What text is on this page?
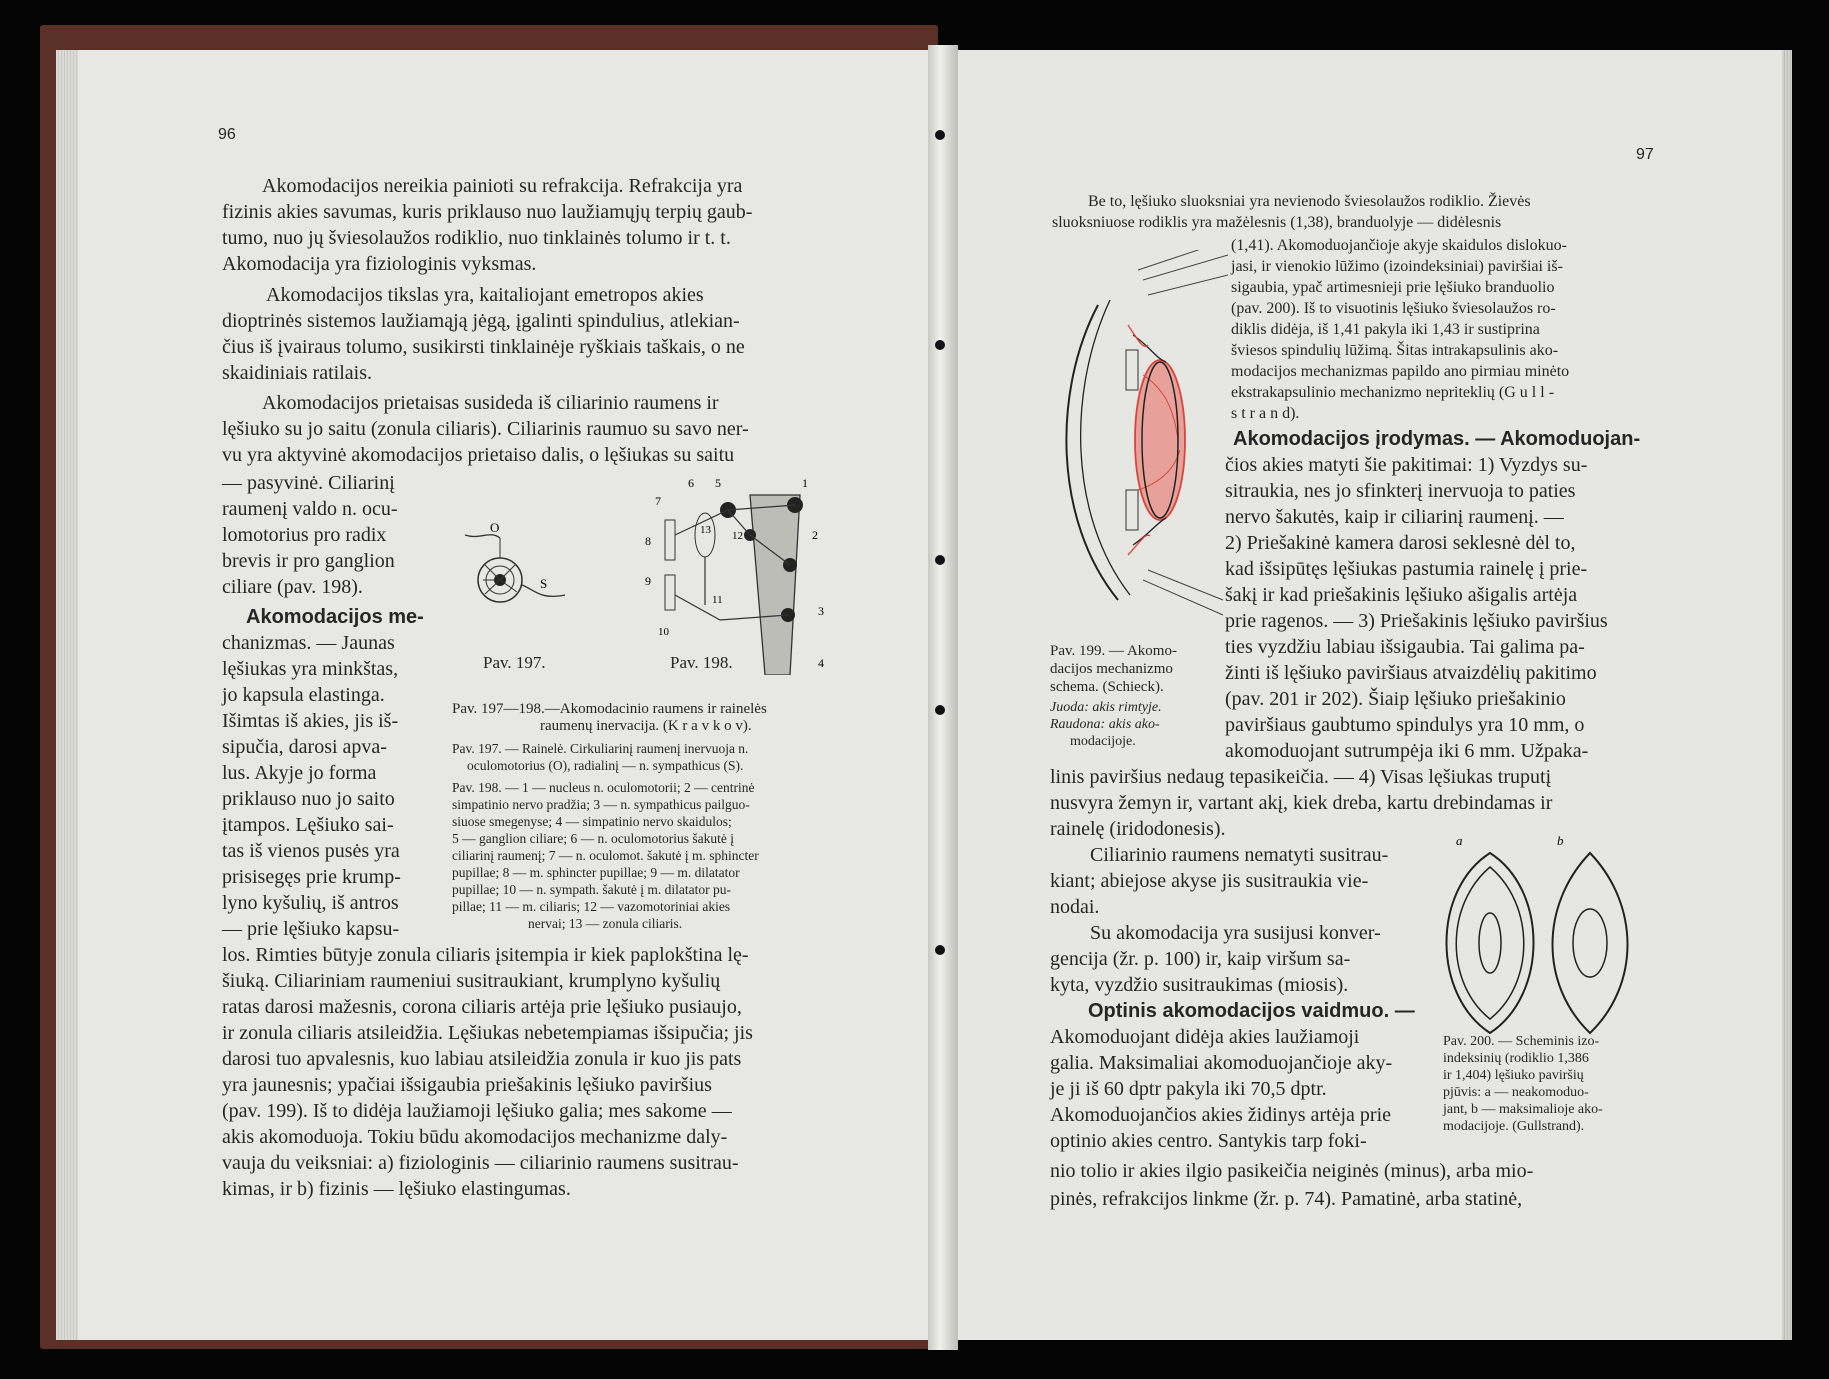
96
Akomodacijos nereikia painioti su refrakcija. Refrakcija yra
fizinis akies savumas, kuris priklauso nuo laužiamųjų terpių gaub-
tumo, nuo jų šviesolaužos rodiklio, nuo tinklainės tolumo ir t. t.
Akomodacija yra fiziologinis vyksmas.
Akomodacijos tikslas yra, kaitaliojant emetropos akies
dioptrinės sistemos laužiamąją jėgą, įgalinti spindulius, atlekian-
čius iš įvairaus tolumo, susikirsti tinklainėje ryškiais taškais, o ne
skaidiniais ratilais.
Akomodacijos prietaisas susideda iš ciliarinio raumens ir
lęšiuko su jo saitu (zonula ciliaris). Ciliarinis raumuo su savo ner-
vu yra aktyvinė akomodacijos prietaiso dalis, o lęšiukas su saitu
— pasyvinė. Ciliarinį
raumenį valdo n. ocu-
lomotorius pro radix
brevis ir pro ganglion
ciliare (pav. 198).
Akomodacijos me-
chanizmas. — Jaunas
lęšiukas yra minkštas,
jo kapsula elastinga.
Išimtas iš akies, jis iš-
sipučia, darosi apva-
lus. Akyje jo forma
priklauso nuo jo saito
įtampos. Lęšiuko sai-
tas iš vienos pusės yra
prisisegęs prie krump-
lyno kyšulių, iš antros
— prie lęšiuko kapsu-
los. Rimties būtyje zonula ciliaris įsitempia ir kiek paplokština lę-
šiuką. Ciliariniam raumeniui susitraukiant, krumplyno kyšulių
ratas darosi mažesnis, corona ciliaris artėja prie lęšiuko pusiaujo,
ir zonula ciliaris atsileidžia. Lęšiukas nebetempiamas išsipučia; jis
darosi tuo apvalesnis, kuo labiau atsileidžia zonula ir kuo jis pats
yra jaunesnis; ypačiai išsigaubia priešakinis lęšiuko paviršius
(pav. 199). Iš to didėja laužiamoji lęšiuko galia; mes sakome —
akis akomoduoja. Tokiu būdu akomodacijos mechanizme daly-
vauja du veiksniai: a) fiziologinis — ciliarinio raumens susitrau-
kimas, ir b) fizinis — lęšiuko elastingumas.
O
S
Pav. 197.
6 5
7
1
8
13 12	2
9
11
3
10
4
Pav. 198.
Pav. 197—198.—Akomodacinio raumens ir rainelės
raumenų inervacija. (K r a v k o v).
Pav. 197. — Rainelė. Cirkuliarinį raumenį inervuoja n.
oculomotorius (O), radialinį — n. sympathicus (S).
Pav. 198. — 1 — nucleus n. oculomotorii; 2 — centrinė
simpatinio nervo pradžia; 3 — n. sympathicus pailguo-
siuose smegenyse; 4 — simpatinio nervo skaidulos;
5 — ganglion ciliare; 6 — n. oculomotorius šakutė į
ciliarinį raumenį; 7 — n. oculomot. šakutė į m. sphincter
pupillae; 8 — m. sphincter pupillae; 9 — m. dilatator
pupillae; 10 — n. sympath. šakutė į m. dilatator pu-
pillae; 11 — m. ciliaris; 12 — vazomotoriniai akies
nervai; 13 — zonula ciliaris.
97
Be to, lęšiuko sluoksniai yra nevienodo šviesolaužos rodiklio. Žievės
sluoksniuose rodiklis yra mažėlesnis (1,38), branduolyje — didėlesnis
(1,41). Akomoduojančioje akyje skaidulos dislokuo-
jasi, ir vienokio lūžimo (izoindeksiniai) paviršiai iš-
sigaubia, ypač artimesnieji prie lęšiuko branduolio
(pav. 200). Iš to visuotinis lęšiuko šviesolaužos ro-
diklis didėja, iš 1,41 pakyla iki 1,43 ir sustiprina
šviesos spindulių lūžimą. Šitas intrakapsulinis ako-
modacijos mechanizmas papildo ano pirmiau minėto
ekstrakapsulinio mechanizmo nepriteklių (G u l l -
s t r a n d).
Akomodacijos įrodymas. — Akomoduojan-
čios akies matyti šie pakitimai: 1) Vyzdys su-
sitraukia, nes jo sfinkterį inervuoja to paties
nervo šakutės, kaip ir ciliarinį raumenį. —
2) Priešakinė kamera darosi seklesnė dėl to,
kad išsipūtęs lęšiukas pastumia rainelę į prie-
šakį ir kad priešakinis lęšiuko ašigalis artėja
prie ragenos. — 3) Priešakinis lęšiuko paviršius
ties vyzdžiu labiau išsigaubia. Tai galima pa-
žinti iš lęšiuko paviršiaus atvaizdėlių pakitimo
(pav. 201 ir 202). Šiaip lęšiuko priešakinio
paviršiaus gaubtumo spindulys yra 10 mm, o
akomoduojant sutrumpėja iki 6 mm. Užpaka-
linis paviršius nedaug tepasikeičia. — 4) Visas lęšiukas truputį
nusvyra žemyn ir, vartant akį, kiek dreba, kartu drebindamas ir
rainelę (iridodonesis).
Ciliarinio raumens nematyti susitrau-
kiant; abiejose akyse jis susitraukia vie-
nodai.
Su akomodacija yra susijusi konver-
gencija (žr. p. 100) ir, kaip viršum sa-
kyta, vyzdžio susitraukimas (miosis).
Optinis akomodacijos vaidmuo. —
Akomoduojant didėja akies laužiamoji
galia. Maksimaliai akomoduojančioje aky-
je ji iš 60 dptr pakyla iki 70,5 dptr.
Akomoduojančios akies židinys artėja prie
optinio akies centro. Santykis tarp foki-
nio tolio ir akies ilgio pasikeičia neiginės (minus), arba mio-
pinės, refrakcijos linkme (žr. p. 74). Pamatinė, arba statinė,
Pav. 199. — Akomo-
dacijos mechanizmo
schema. (Schieck).
Juoda: akis rimtyje.
Raudona: akis ako-
modacijoje.
a	b
Pav. 200. — Scheminis izo-
indeksinių (rodiklio 1,386
ir 1,404) lęšiuko paviršių
pjūvis: a — neakomoduo-
jant, b — maksimalioje ako-
modacijoje. (Gullstrand).
